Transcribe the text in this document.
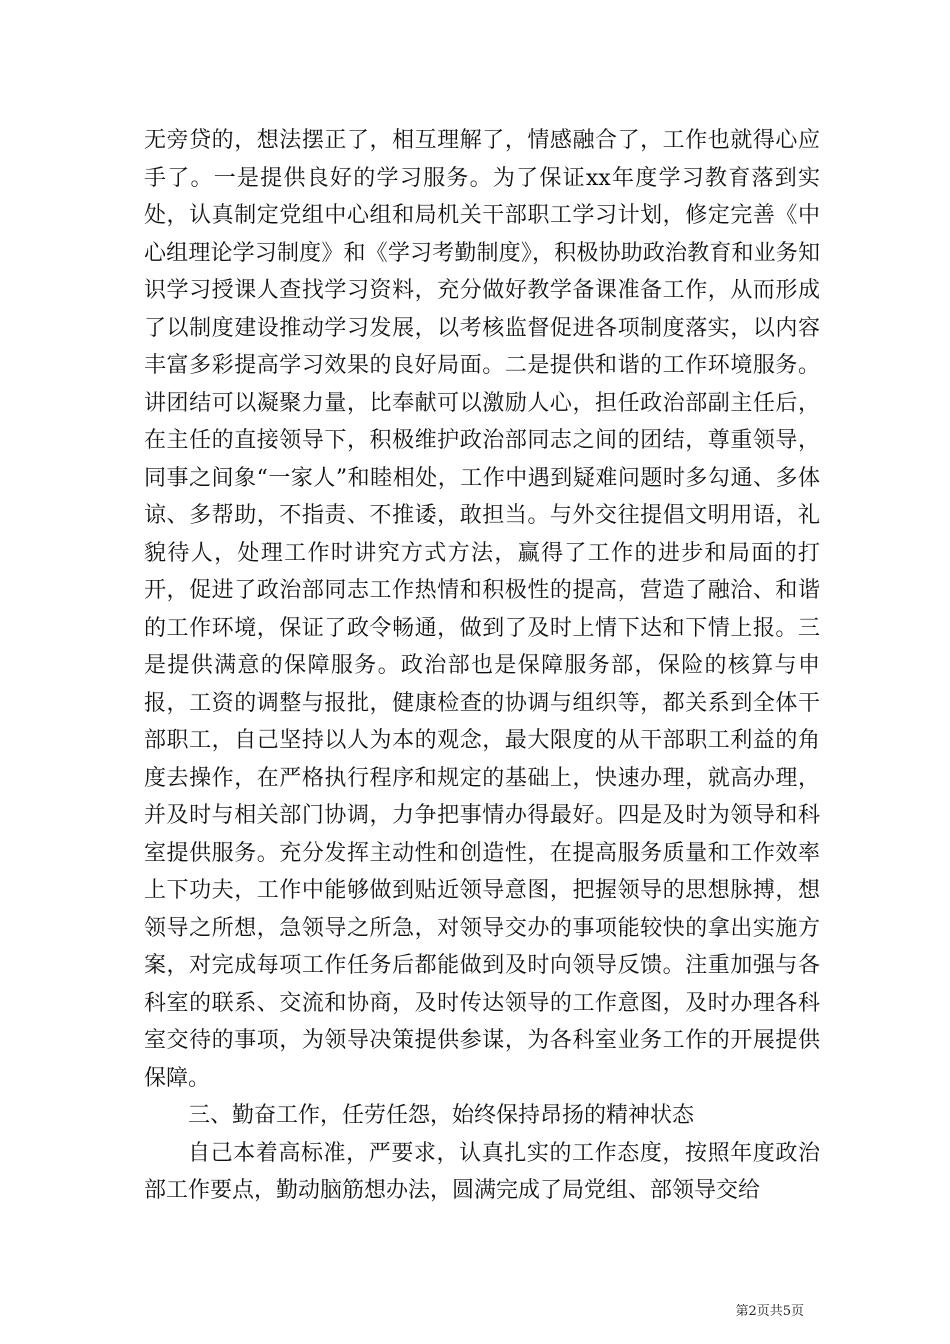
无旁贷的，想法摆正了，相互理解了，情感融合了，工作也就得心应手了。一是提供良好的学习服务。为了保证xx年度学习教育落到实处，认真制定党组中心组和局机关干部职工学习计划，修定完善《中心组理论学习制度》和《学习考勤制度》，积极协助政治教育和业务知识学习授课人查找学习资料，充分做好教学备课准备工作，从而形成了以制度建设推动学习发展，以考核监督促进各项制度落实，以内容丰富多彩提高学习效果的良好局面。二是提供和谐的工作环境服务。讲团结可以凝聚力量，比奉献可以激励人心，担任政治部副主任后，在主任的直接领导下，积极维护政治部同志之间的团结，尊重领导，同事之间象“一家人”和睦相处，工作中遇到疑难问题时多勾通、多体谅、多帮助，不指责、不推诿，敢担当。与外交往提倡文明用语，礼貌待人，处理工作时讲究方式方法，赢得了工作的进步和局面的打开，促进了政治部同志工作热情和积极性的提高，营造了融洽、和谐的工作环境，保证了政令畅通，做到了及时上情下达和下情上报。三是提供满意的保障服务。政治部也是保障服务部，保险的核算与申报，工资的调整与报批，健康检查的协调与组织等，都关系到全体干部职工，自己坚持以人为本的观念，最大限度的从干部职工利益的角度去操作，在严格执行程序和规定的基础上，快速办理，就高办理，并及时与相关部门协调，力争把事情办得最好。四是及时为领导和科室提供服务。充分发挥主动性和创造性，在提高服务质量和工作效率上下功夫，工作中能够做到贴近领导意图，把握领导的思想脉搏，想领导之所想，急领导之所急，对领导交办的事项能较快的拿出实施方案，对完成每项工作任务后都能做到及时向领导反馈。注重加强与各科室的联系、交流和协商，及时传达领导的工作意图，及时办理各科室交待的事项，为领导决策提供参谋，为各科室业务工作的开展提供保障。

三、勤奋工作，任劳任怨，始终保持昂扬的精神状态

自己本着高标准，严要求，认真扎实的工作态度，按照年度政治部工作要点，勤动脑筋想办法，圆满完成了局党组、部领导交给

第2页共5页
